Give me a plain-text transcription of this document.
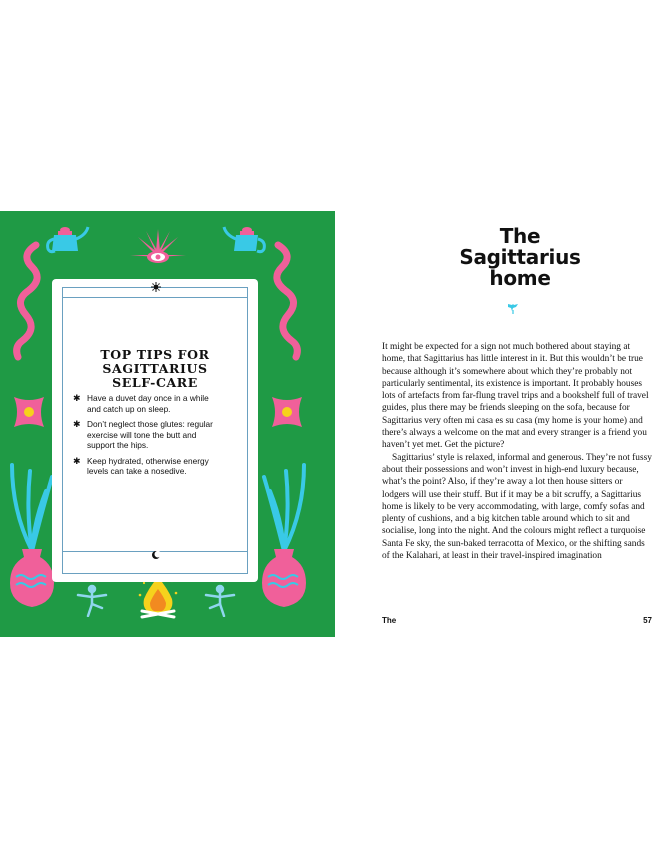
TOP TIPS FOR
SAGITTARIUS
SELF-CARE
✱ Have a duvet day once in a while and catch up on sleep.
✱ Don’t neglect those glutes: regular exercise will tone the butt and support the hips.
✱ Keep hydrated, otherwise energy levels can take a nosedive.
The
Sagittarius
home

It might be expected for a sign not much bothered about staying at home, that Sagittarius has little interest in it. But this wouldn’t be true because although it’s somewhere about which they’re probably not particularly sentimental, its existence is important. It probably houses lots of artefacts from far-flung travel trips and a bookshelf full of travel guides, plus there may be friends sleeping on the sofa, because for Sagittarius very often mi casa es su casa (my home is your home) and there’s always a welcome on the mat and every stranger is a friend you haven’t yet met. Get the picture?

Sagittarius’ style is relaxed, informal and generous. They’re not fussy about their possessions and won’t invest in high-end luxury because, what’s the point? Also, if they’re away a lot then house sitters or lodgers will use their stuff. But if it may be a bit scruffy, a Sagittarius home is likely to be very accommodating, with large, comfy sofas and plenty of cushions, and a big kitchen table around which to sit and socialise, long into the night. And the colours might reflect a turquoise Santa Fe sky, the sun-baked terracotta of Mexico, or the shifting sands of the Kalahari, at least in their travel-inspired imagination

The	57
